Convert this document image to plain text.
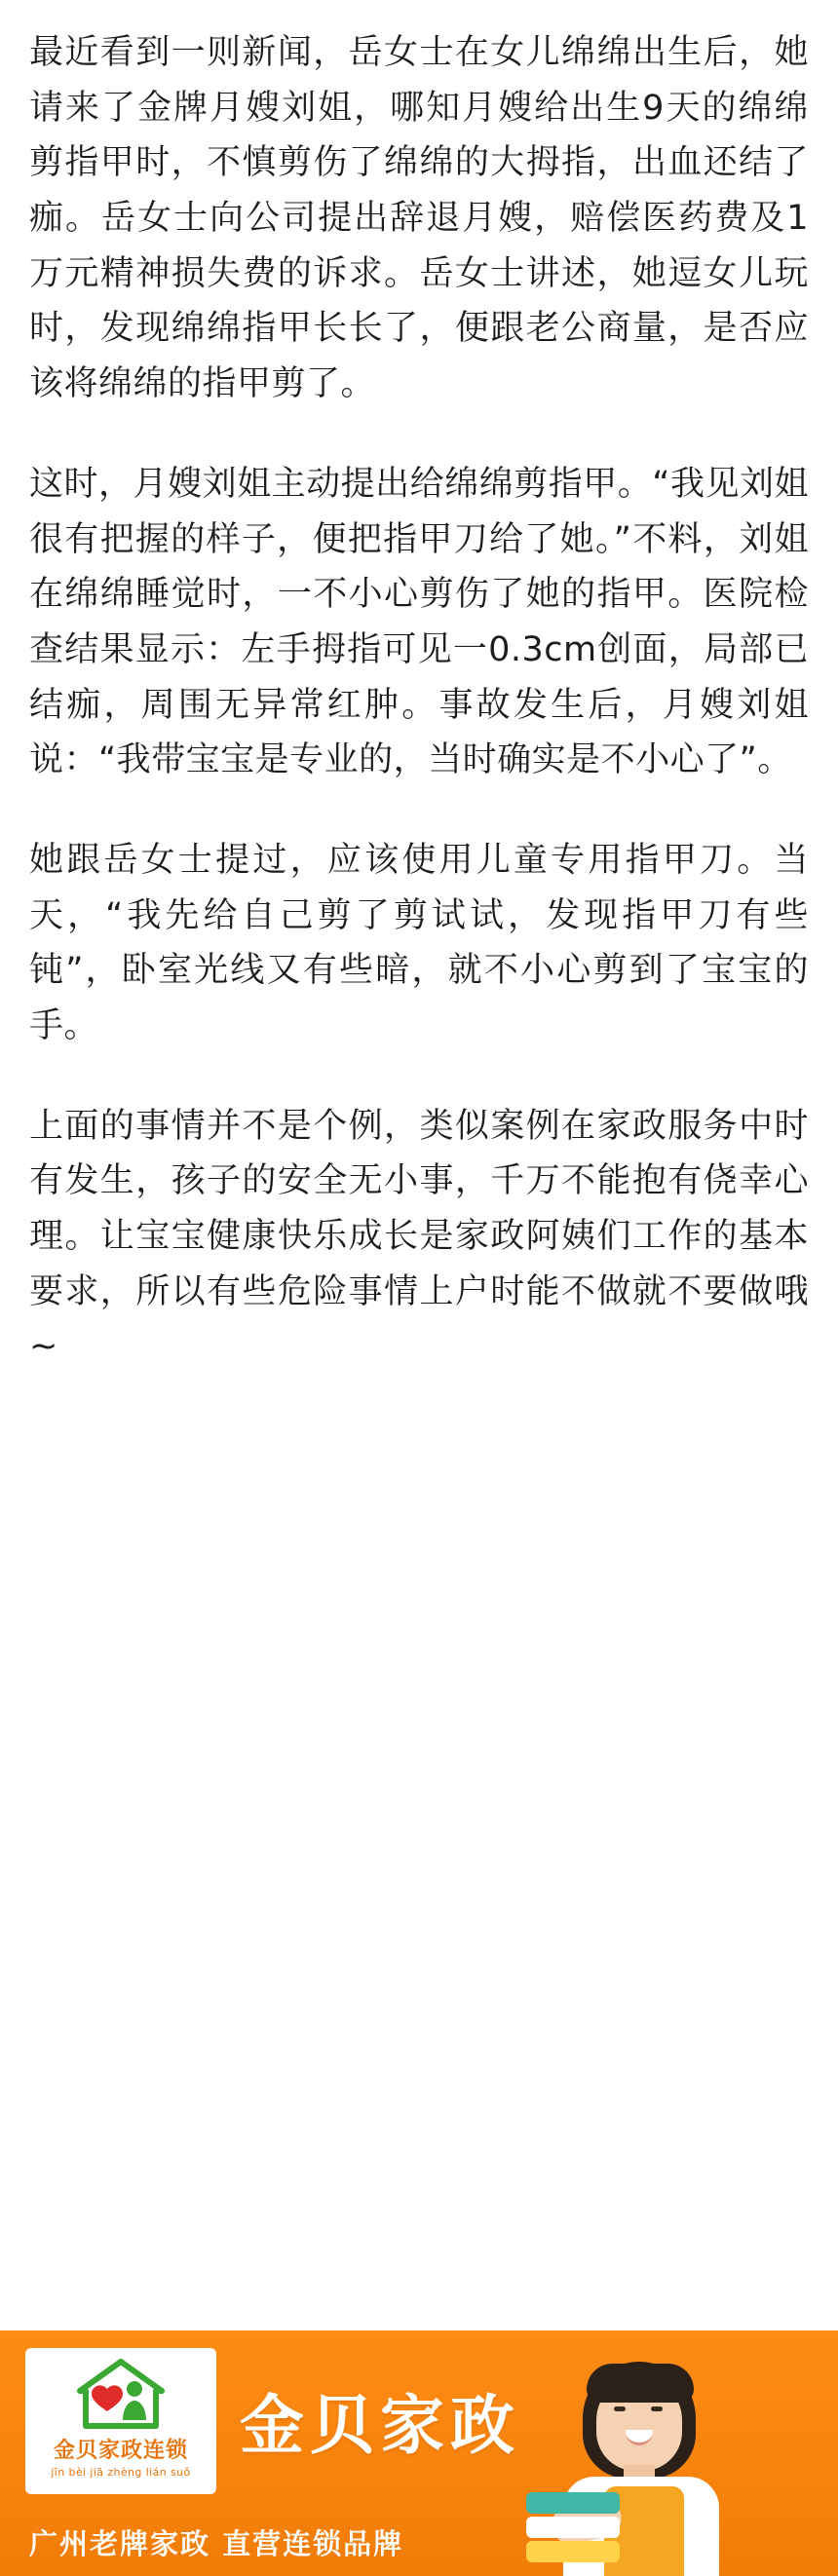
最近看到一则新闻，岳女士在女儿绵绵出生后，她请来了金牌月嫂刘姐，哪知月嫂给出生9天的绵绵剪指甲时，不慎剪伤了绵绵的大拇指，出血还结了痂。岳女士向公司提出辞退月嫂，赔偿医药费及1万元精神损失费的诉求。岳女士讲述，她逗女儿玩时，发现绵绵指甲长长了，便跟老公商量，是否应该将绵绵的指甲剪了。

这时，月嫂刘姐主动提出给绵绵剪指甲。“我见刘姐很有把握的样子，便把指甲刀给了她。”不料，刘姐在绵绵睡觉时，一不小心剪伤了她的指甲。医院检查结果显示：左手拇指可见一0.3cm创面，局部已结痂，周围无异常红肿。事故发生后，月嫂刘姐说：“我带宝宝是专业的，当时确实是不小心了”。

她跟岳女士提过，应该使用儿童专用指甲刀。当天，“我先给自己剪了剪试试，发现指甲刀有些钝”，卧室光线又有些暗，就不小心剪到了宝宝的手。

上面的事情并不是个例，类似案例在家政服务中时有发生，孩子的安全无小事，千万不能抱有侥幸心理。让宝宝健康快乐成长是家政阿姨们工作的基本要求，所以有些危险事情上户时能不做就不要做哦~

金贝家政连锁
jīn bèi jiā zhèng lián suǒ
金贝家政
广州老牌家政 直营连锁品牌
